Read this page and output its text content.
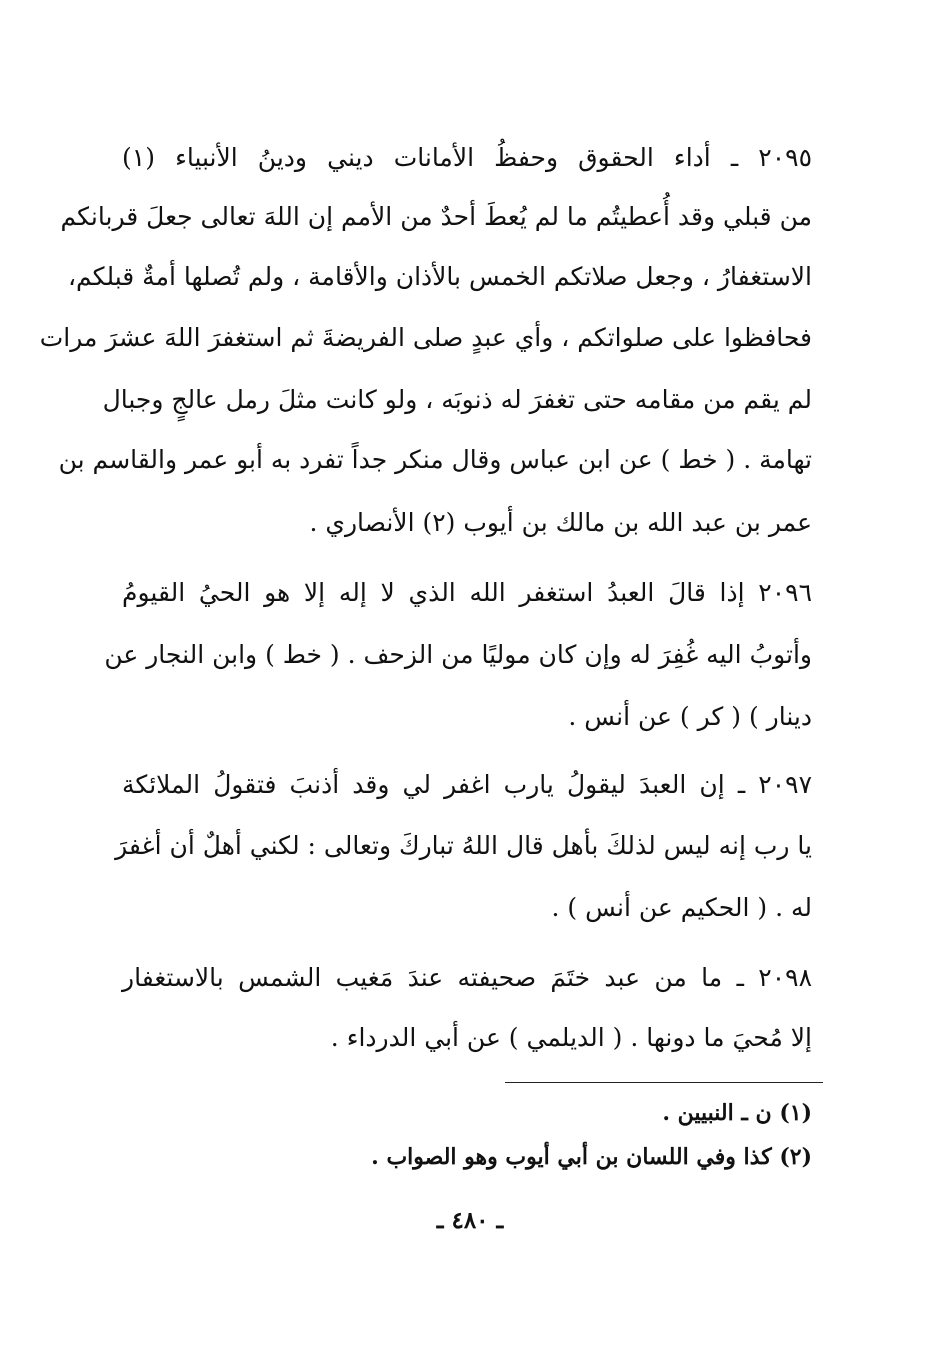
٢٠٩٥ ـ أداء الحقوق وحفظُ الأمانات ديني ودينُ الأنبياء (١)
من قبلي وقد أُعطيتُم ما لم يُعطَ أحدٌ من الأمم إن اللهَ تعالى جعلَ قربانكم
الاستغفارُ ، وجعل صلاتكم الخمس بالأذان والأقامة ، ولم تُصلها أمةٌ قبلكم،
فحافظوا على صلواتكم ، وأي عبدٍ صلى الفريضةَ ثم استغفرَ اللهَ عشرَ مرات
لم يقم من مقامه حتى تغفرَ له ذنوبَه ، ولو كانت مثلَ رمل عالجٍ وجبال
تهامة . ( خط ) عن ابن عباس وقال منكر جداً تفرد به أبو عمر والقاسم بن
عمر بن عبد الله بن مالك بن أيوب (٢) الأنصاري .
٢٠٩٦ إذا قالَ العبدُ استغفر الله الذي لا إله إلا هو الحيُ القيومُ
وأتوبُ اليه غُفِرَ له وإن كان موليًا من الزحف . ( خط ) وابن النجار عن
دينار ) ( كر ) عن أنس .
٢٠٩٧ ـ إن العبدَ ليقولُ يارب اغفر لي وقد أذنبَ فتقولُ الملائكة
يا رب إنه ليس لذلكَ بأهل قال اللهُ تباركَ وتعالى : لكني أهلٌ أن أغفرَ
له . ( الحكيم عن أنس ) .
٢٠٩٨ ـ ما من عبد ختَمَ صحيفته عندَ مَغيب الشمس بالاستغفار
إلا مُحيَ ما دونها . ( الديلمي ) عن أبي الدرداء .
(١) ن ـ النبيين .
(٢) كذا وفي اللسان بن أبي أيوب وهو الصواب .
ـ ٤٨٠ ـ
